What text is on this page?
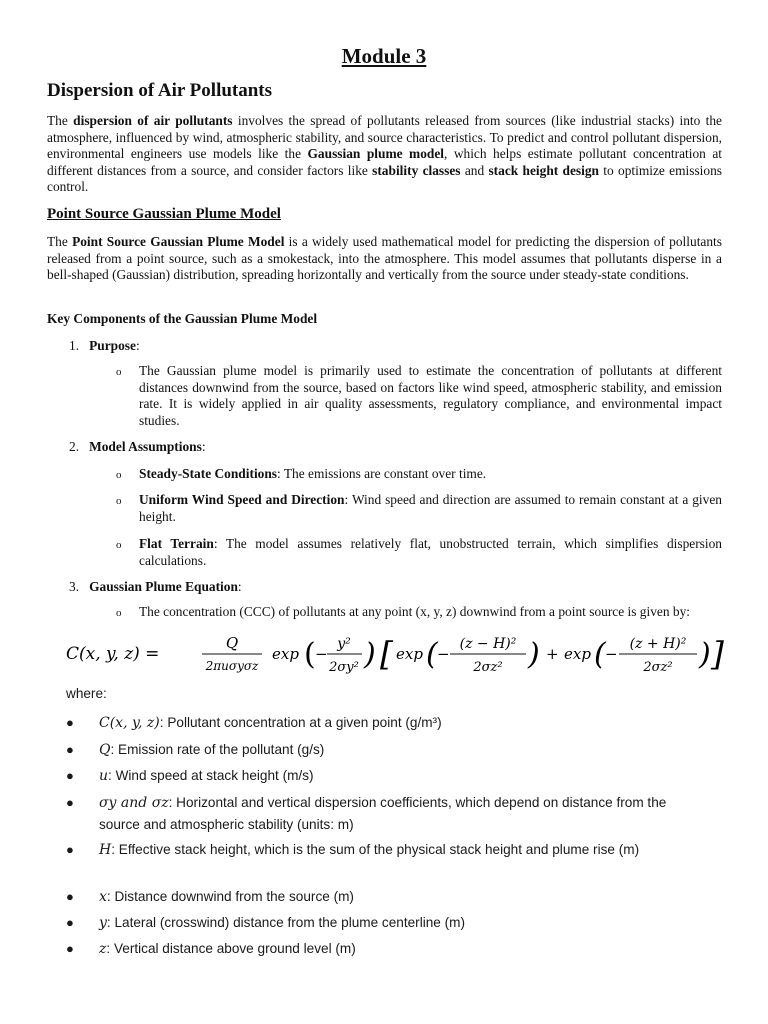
Module 3
Dispersion of Air Pollutants

The dispersion of air pollutants involves the spread of pollutants released from sources (like industrial stacks) into the atmosphere, influenced by wind, atmospheric stability, and source characteristics. To predict and control pollutant dispersion, environmental engineers use models like the Gaussian plume model, which helps estimate pollutant concentration at different distances from a source, and consider factors like stability classes and stack height design to optimize emissions control.

Point Source Gaussian Plume Model

The Point Source Gaussian Plume Model is a widely used mathematical model for predicting the dispersion of pollutants released from a point source, such as a smokestack, into the atmosphere. This model assumes that pollutants disperse in a bell-shaped (Gaussian) distribution, spreading horizontally and vertically from the source under steady-state conditions.

Key Components of the Gaussian Plume Model
1. Purpose:
o The Gaussian plume model is primarily used to estimate the concentration of pollutants at different distances downwind from the source, based on factors like wind speed, atmospheric stability, and emission rate. It is widely applied in air quality assessments, regulatory compliance, and environmental impact studies.

2. Model Assumptions:
o Steady-State Conditions: The emissions are constant over time.

o Uniform Wind Speed and Direction: Wind speed and direction are assumed to remain constant at a given height.

o Flat Terrain: The model assumes relatively flat, unobstructed terrain, which simplifies dispersion calculations.

3. Gaussian Plume Equation:
o The concentration (CCC) of pollutants at any point (x, y, z) downwind from a point source is given by:

C(x, y, z) =
Q
2πuσyσz
exp ( −
y²
2σy² ) [ exp ( −
(z − H)²
2σz² ) + exp ( −
(z + H)²
2σz² ) ]

where:

● C(x, y, z): Pollutant concentration at a given point (g/m³)
● Q: Emission rate of the pollutant (g/s)
● u: Wind speed at stack height (m/s)
● σy and σz: Horizontal and vertical dispersion coefficients, which depend on distance from the source and atmospheric stability (units: m)
● H: Effective stack height, which is the sum of the physical stack height and plume rise (m)
● x: Distance downwind from the source (m)
● y: Lateral (crosswind) distance from the plume centerline (m)
● z: Vertical distance above ground level (m)
